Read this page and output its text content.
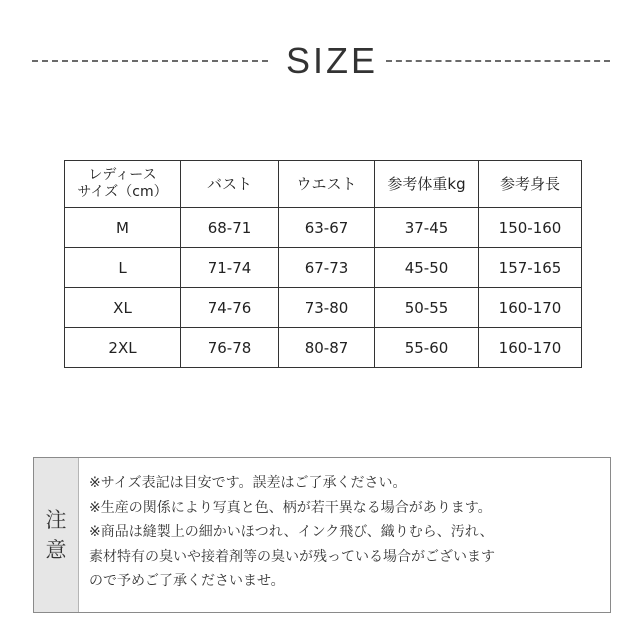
SIZE
レディース
サイズ（cm）	バスト	ウエスト	参考体重kg	参考身長
M	68-71	63-67	37-45	150-160
L	71-74	67-73	45-50	157-165
XL	74-76	73-80	50-55	160-170
2XL	76-78	80-87	55-60	160-170
注
意

※サイズ表記は目安です。誤差はご了承ください。

※生産の関係により写真と色、柄が若干異なる場合があります。

※商品は縫製上の細かいほつれ、インク飛び、織りむら、汚れ、

素材特有の臭いや接着剤等の臭いが残っている場合がございます

ので予めご了承くださいませ。
